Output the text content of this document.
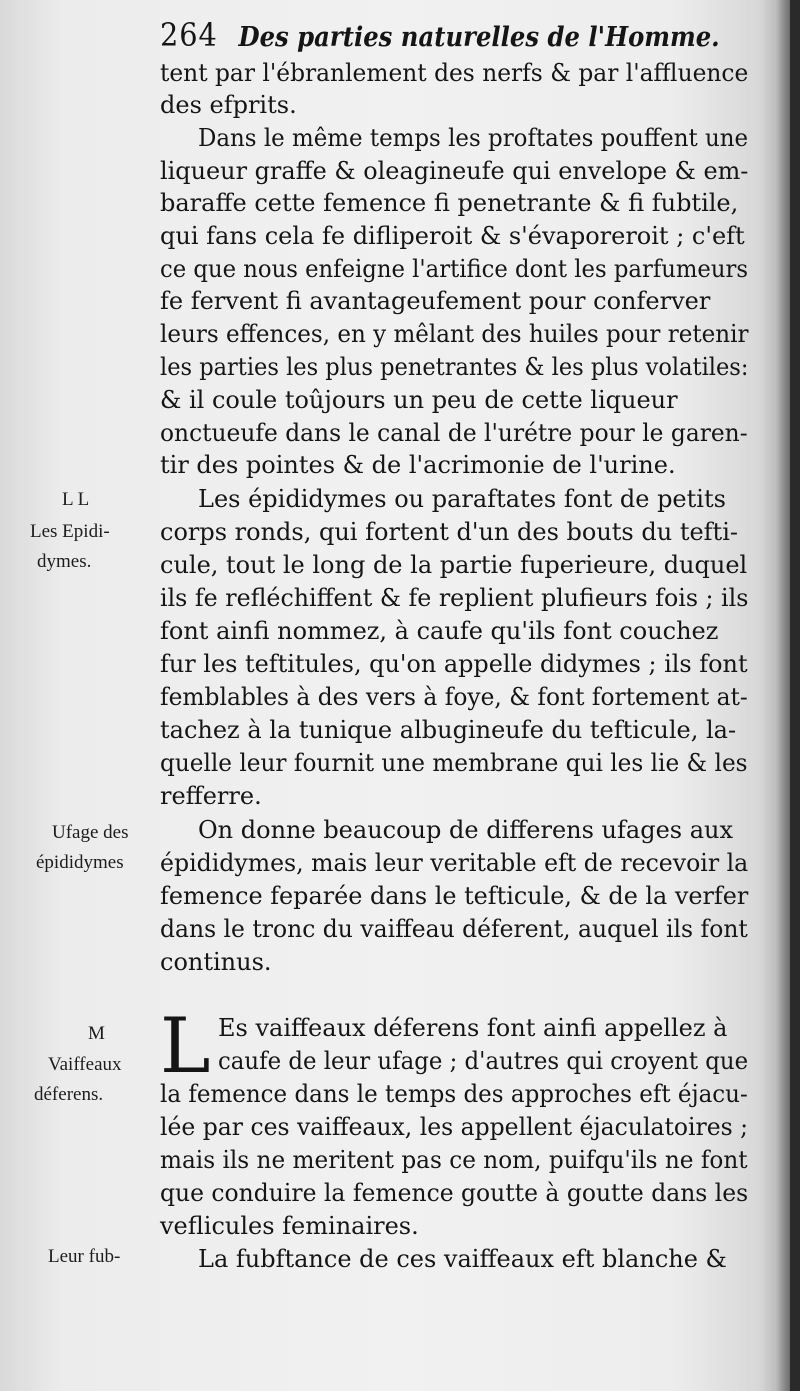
264 Des parties naturelles de l'Homme.
L L
Les Epidi-
dymes.
Ufage des
épididymes
M
Vaiffeaux
déferens.
Leur fub-
L
tent par l'ébranlement des nerfs & par l'affluence
des efprits.
Dans le même temps les proftates pouffent une
liqueur graffe & oleagineufe qui envelope & em-
baraffe cette femence fi penetrante & fi fubtile,
qui fans cela fe difliperoit & s'évaporeroit ; c'eft
ce que nous enfeigne l'artifice dont les parfumeurs
fe fervent fi avantageufement pour conferver
leurs effences, en y mêlant des huiles pour retenir
les parties les plus penetrantes & les plus volatiles:
& il coule toûjours un peu de cette liqueur
onctueufe dans le canal de l'urétre pour le garen-
tir des pointes & de l'acrimonie de l'urine.
Les épididymes ou paraftates font de petits
corps ronds, qui fortent d'un des bouts du tefti-
cule, tout le long de la partie fuperieure, duquel
ils fe refléchiffent & fe replient plufieurs fois ; ils
font ainfi nommez, à caufe qu'ils font couchez
fur les teftitules, qu'on appelle didymes ; ils font
femblables à des vers à foye, & font fortement at-
tachez à la tunique albugineufe du tefticule, la-
quelle leur fournit une membrane qui les lie & les
refferre.
On donne beaucoup de differens ufages aux
épididymes, mais leur veritable eft de recevoir la
femence feparée dans le tefticule, & de la verfer
dans le tronc du vaiffeau déferent, auquel ils font
continus.
Es vaiffeaux déferens font ainfi appellez à
caufe de leur ufage ; d'autres qui croyent que
la femence dans le temps des approches eft éjacu-
lée par ces vaiffeaux, les appellent éjaculatoires ;
mais ils ne meritent pas ce nom, puifqu'ils ne font
que conduire la femence goutte à goutte dans les
veflicules feminaires.
La fubftance de ces vaiffeaux eft blanche &
